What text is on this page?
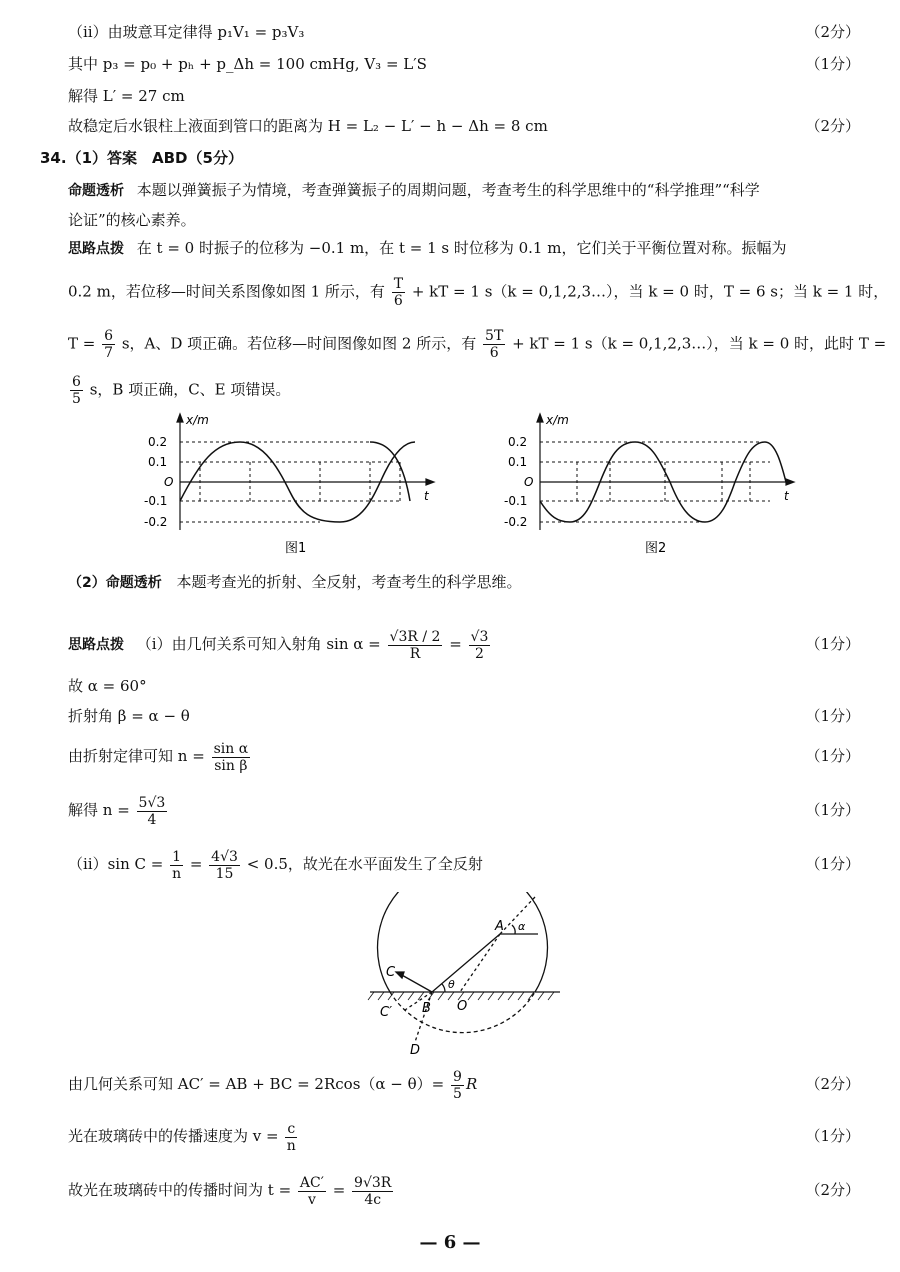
（ⅱ）由玻意耳定律得 p₁V₁ = p₃V₃	（2分）
其中 p₃ = p₀ + pₕ + p_Δh = 100 cmHg, V₃ = L′S	（1分）
解得 L′ = 27 cm
故稳定后水银柱上液面到管口的距离为 H = L₂ − L′ − h − Δh = 8 cm	（2分）
34.（1）答案　ABD（5分）
命题透析 本题以弹簧振子为情境，考查弹簧振子的周期问题，考查考生的科学思维中的“科学推理”“科学
论证”的核心素养。
思路点拨 在 t = 0 时振子的位移为 −0.1 m，在 t = 1 s 时位移为 0.1 m，它们关于平衡位置对称。振幅为
0.2 m，若位移—时间关系图像如图 1 所示，有 $\frac{T}{6}$ + kT = 1 s（k = 0,1,2,3…），当 k = 0 时，T = 6 s；当 k = 1 时，
$T = \frac{6}{7}$ s，A、D 项正确。若位移—时间图像如图 2 所示，有 $\frac{5T}{6}$ + kT = 1 s（k = 0,1,2,3…），当 k = 0 时，此时 T =
$\frac{6}{5}$ s，B 项正确，C、E 项错误。
x/m
t
0.2
0.1
O
-0.1
-0.2
图1
x/m
t
0.2
0.1
O
-0.1
-0.2
图2
（2）命题透析 本题考查光的折射、全反射，考查考生的科学思维。
思路点拨 （ⅰ）由几何关系可知入射角 $\sin \alpha = \frac{√3R / 2}{R} = \frac{√3}{2}$	（1分）
故 α = 60°
折射角 β = α − θ	（1分）
由折射定律可知 $n = \frac{\text{sin α}}{\text{sin β}}$	（1分）
解得 $n = \frac{5√3}{4}$	（1分）
（ⅱ）sin $C = \frac{1}{n} = \frac{4√3}{15} < 0.5$，故光在水平面发生了全反射	（1分）
A α
C
θ
C′ B O
D
由几何关系可知 AC′ = AB + BC = $2Rcos(\alpha - \theta)= \frac{9}{5}$ R	（2分）
光在玻璃砖中的传播速度为 $v = \frac{c}{n}$	（1分）
故光在玻璃砖中的传播时间为 $t = \frac{AC'}{v} = \frac{9√3R}{4c}$	（2分）
— 6 —
